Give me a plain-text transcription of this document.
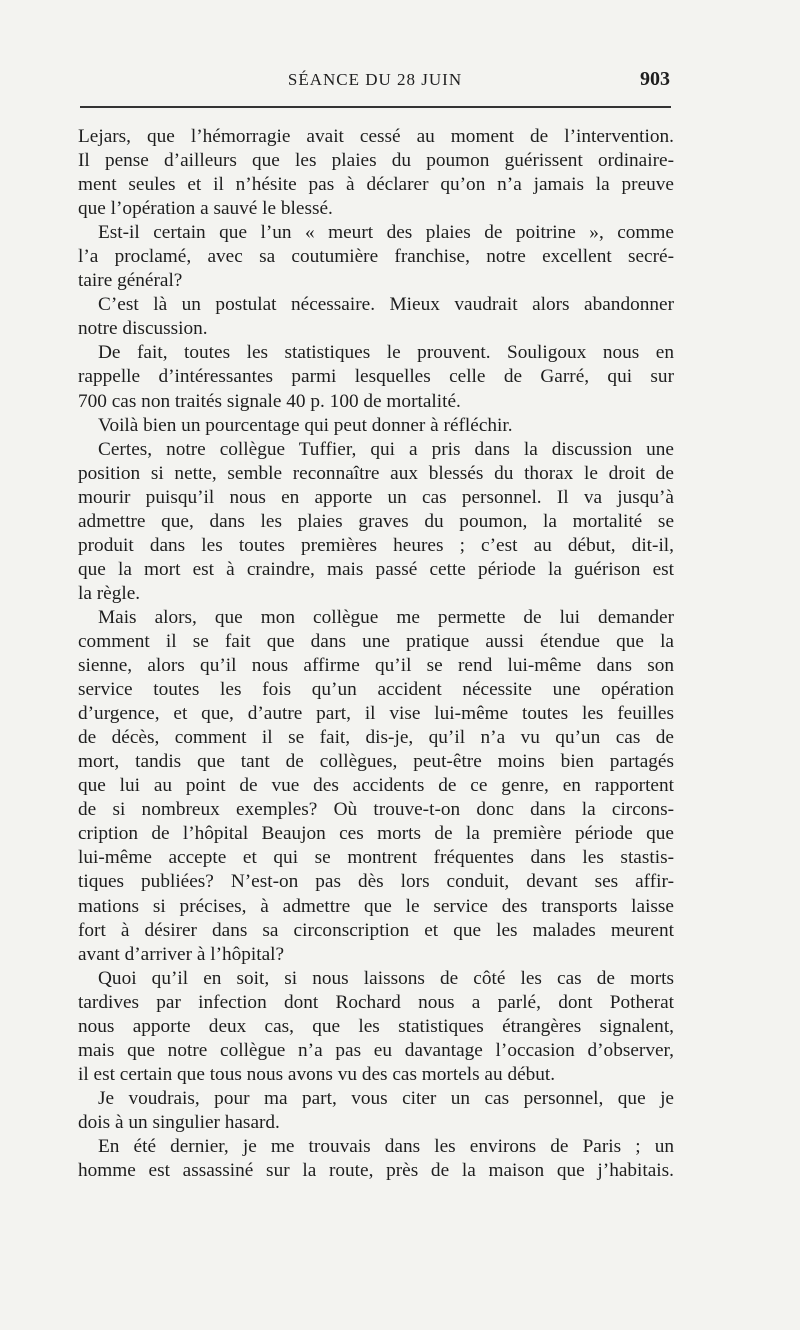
SÉANCE DU 28 JUIN	903
Lejars, que l’hémorragie avait cessé au moment de l’intervention.
Il pense d’ailleurs que les plaies du poumon guérissent ordinaire-
ment seules et il n’hésite pas à déclarer qu’on n’a jamais la preuve
que l’opération a sauvé le blessé.
Est-il certain que l’un « meurt des plaies de poitrine », comme
l’a proclamé, avec sa coutumière franchise, notre excellent secré-
taire général?
C’est là un postulat nécessaire. Mieux vaudrait alors abandonner
notre discussion.
De fait, toutes les statistiques le prouvent. Souligoux nous en
rappelle d’intéressantes parmi lesquelles celle de Garré, qui sur
700 cas non traités signale 40 p. 100 de mortalité.
Voilà bien un pourcentage qui peut donner à réfléchir.
Certes, notre collègue Tuffier, qui a pris dans la discussion une
position si nette, semble reconnaître aux blessés du thorax le droit de
mourir puisqu’il nous en apporte un cas personnel. Il va jusqu’à
admettre que, dans les plaies graves du poumon, la mortalité se
produit dans les toutes premières heures ; c’est au début, dit-il,
que la mort est à craindre, mais passé cette période la guérison est
la règle.
Mais alors, que mon collègue me permette de lui demander
comment il se fait que dans une pratique aussi étendue que la
sienne, alors qu’il nous affirme qu’il se rend lui-même dans son
service toutes les fois qu’un accident nécessite une opération
d’urgence, et que, d’autre part, il vise lui-même toutes les feuilles
de décès, comment il se fait, dis-je, qu’il n’a vu qu’un cas de
mort, tandis que tant de collègues, peut-être moins bien partagés
que lui au point de vue des accidents de ce genre, en rapportent
de si nombreux exemples? Où trouve-t-on donc dans la circons-
cription de l’hôpital Beaujon ces morts de la première période que
lui-même accepte et qui se montrent fréquentes dans les stastis-
tiques publiées? N’est-on pas dès lors conduit, devant ses affir-
mations si précises, à admettre que le service des transports laisse
fort à désirer dans sa circonscription et que les malades meurent
avant d’arriver à l’hôpital?
Quoi qu’il en soit, si nous laissons de côté les cas de morts
tardives par infection dont Rochard nous a parlé, dont Potherat
nous apporte deux cas, que les statistiques étrangères signalent,
mais que notre collègue n’a pas eu davantage l’occasion d’observer,
il est certain que tous nous avons vu des cas mortels au début.
Je voudrais, pour ma part, vous citer un cas personnel, que je
dois à un singulier hasard.
En été dernier, je me trouvais dans les environs de Paris ; un
homme est assassiné sur la route, près de la maison que j’habitais.
